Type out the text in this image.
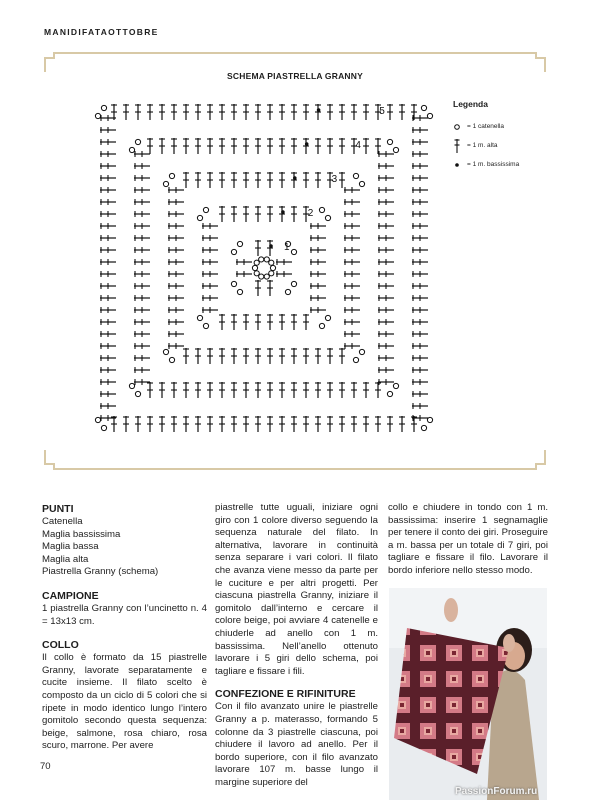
MANIDIFATAOTTOBRE
SCHEMA PIASTRELLA GRANNY
1
2
3
4
5
Legenda
= 1 catenella
= 1 m. alta
= 1 m. bassissima
PUNTI
Catenella
Maglia bassissima
Maglia bassa
Maglia alta
Piastrella Granny (schema)
CAMPIONE

1 piastrella Granny con l’uncinetto n. 4 = 13x13 cm.

COLLO

Il collo è formato da 15 piastrelle Granny, lavorate separatamente e cucite insieme. Il filato scelto è composto da un ciclo di 5 colori che si ripete in modo identico lungo l’intero gomitolo secondo questa sequenza: beige, salmone, rosa chiaro, rosa scuro, marrone. Per avere

piastrelle tutte uguali, iniziare ogni giro con 1 colore diverso seguendo la sequenza naturale del filato. In alternativa, lavorare in continuità senza separare i vari colori. Il filato che avanza viene messo da parte per le cuciture e per altri progetti. Per ciascuna piastrella Granny, iniziare il gomitolo dall’interno e cercare il colore beige, poi avviare 4 catenelle e chiuderle ad anello con 1 m. bassissima. Nell’anello ottenuto lavorare i 5 giri dello schema, poi tagliare e fissare i fili.

CONFEZIONE E RIFINITURE

Con il filo avanzato unire le piastrelle Granny a p. materasso, formando 5 colonne da 3 piastrelle ciascuna, poi chiudere il lavoro ad anello. Per il bordo superiore, con il filo avanzato lavorare 107 m. basse lungo il margine superiore del

collo e chiudere in tondo con 1 m. bassissima: inserire 1 segnamaglie per tenere il conto dei giri. Proseguire a m. bassa per un totale di 7 giri, poi tagliare e fissare il filo. Lavorare il bordo inferiore nello stesso modo.

70
PassionForum.ru
